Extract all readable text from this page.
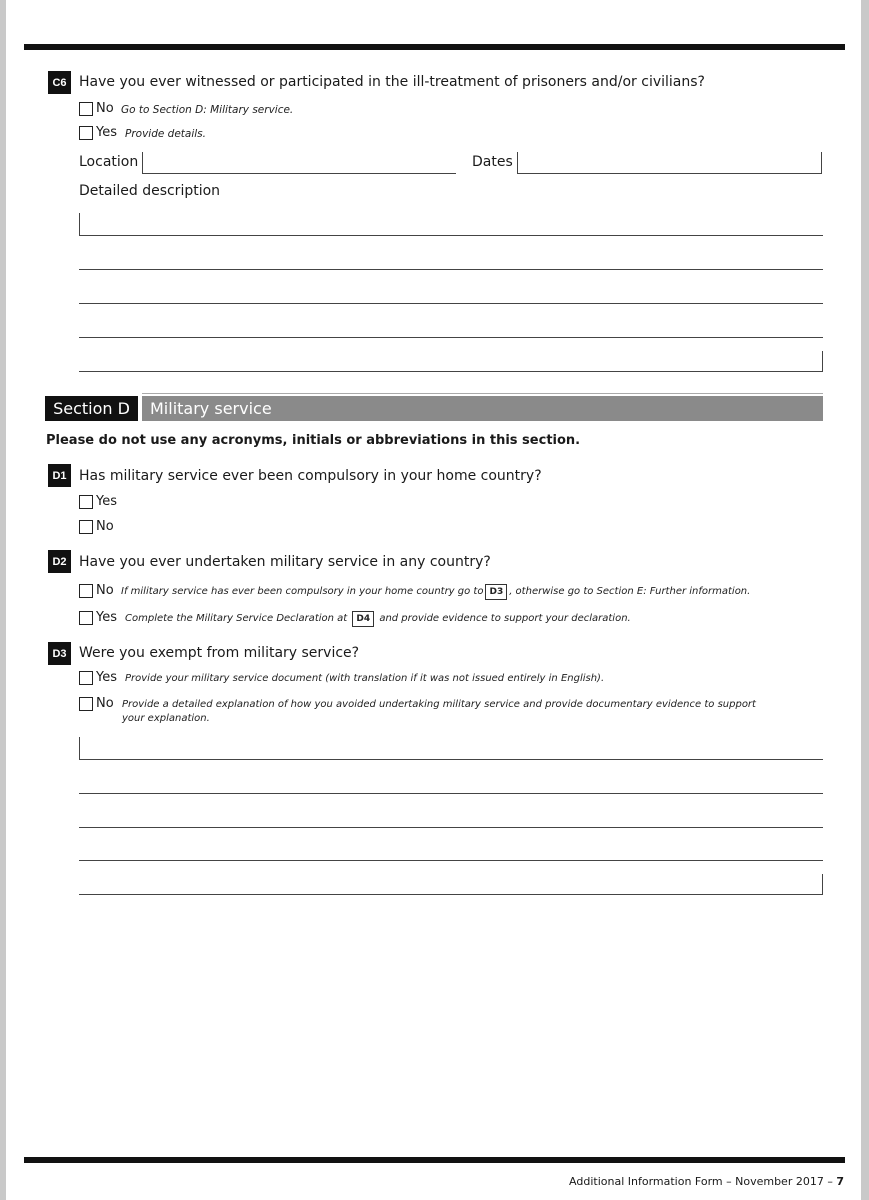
C6 Have you ever witnessed or participated in the ill-treatment of prisoners and/or civilians?
No Go to Section D: Military service.
Yes Provide details.
Location	Dates
Detailed description
Section D	Military service
Please do not use any acronyms, initials or abbreviations in this section.
D1 Has military service ever been compulsory in your home country?
Yes
No
D2 Have you ever undertaken military service in any country?
No If military service has ever been compulsory in your home country go to D3 , otherwise go to Section E: Further information.
Yes Complete the Military Service Declaration at D4 and provide evidence to support your declaration.
D3 Were you exempt from military service?
Yes Provide your military service document (with translation if it was not issued entirely in English).
No Provide a detailed explanation of how you avoided undertaking military service and provide documentary evidence to support
your explanation.
Additional Information Form – November 2017 – 7
